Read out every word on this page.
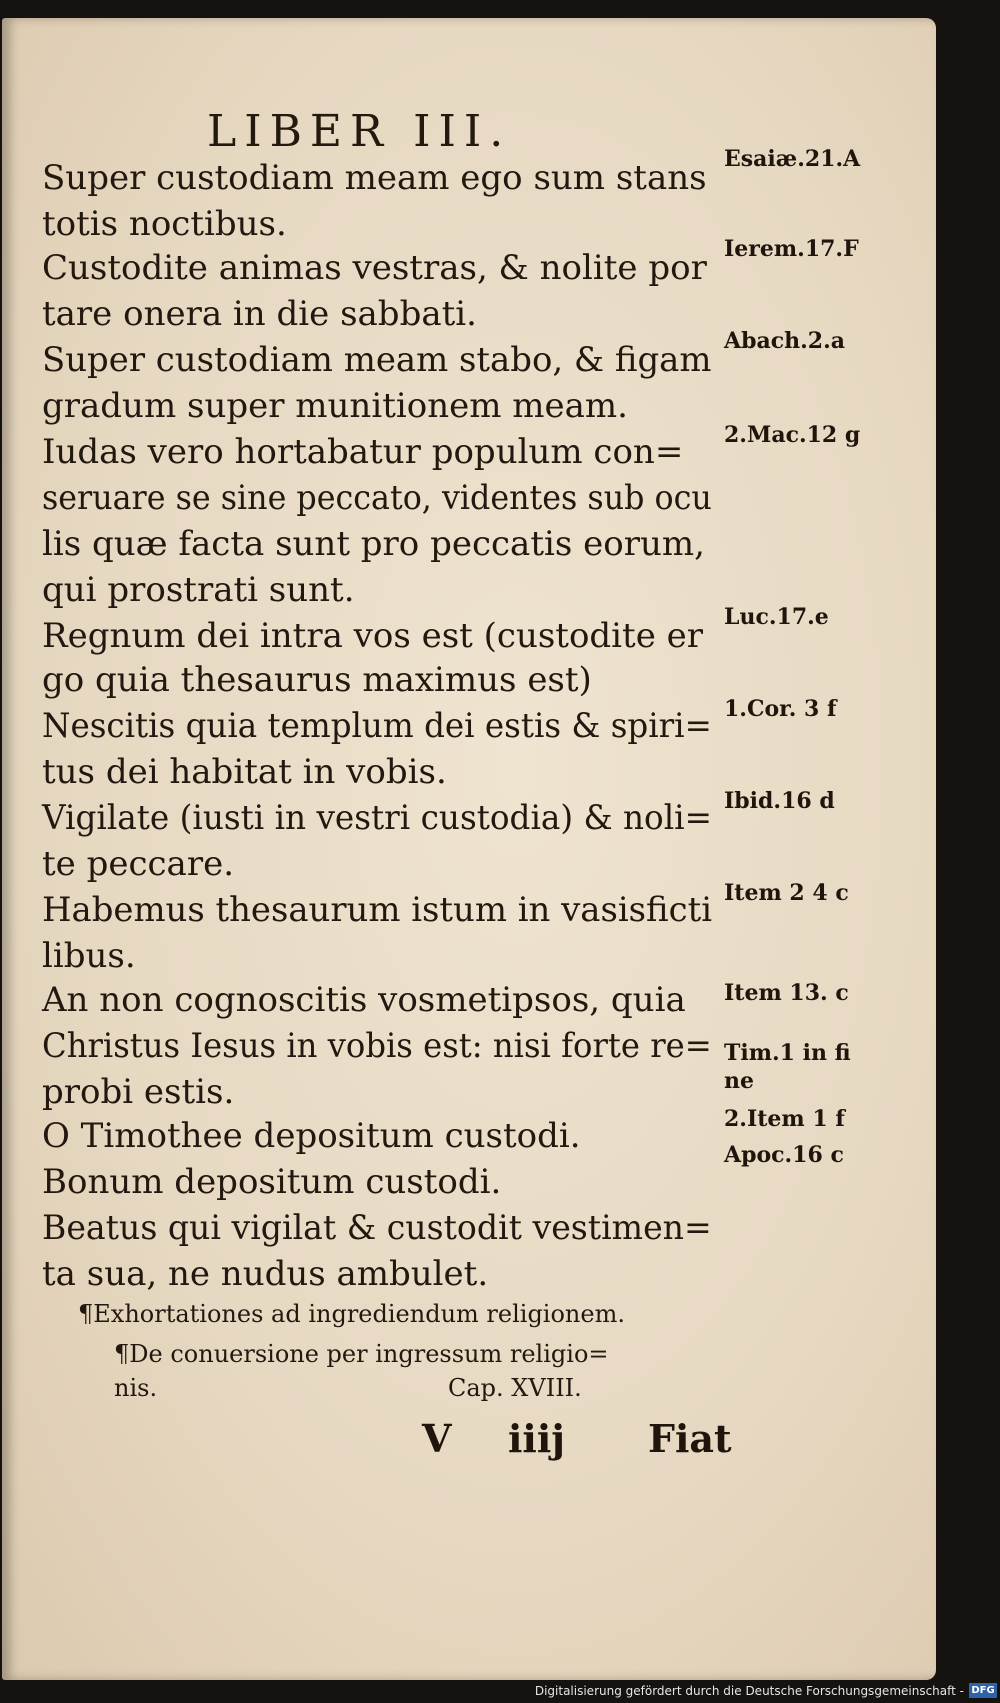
LIBER III.
Super custodiam meam ego sum stans
totis noctibus.
Custodite animas vestras, & nolite por
tare onera in die sabbati.
Super custodiam meam stabo, & figam
gradum super munitionem meam.
Iudas vero hortabatur populum con=
seruare se sine peccato, videntes sub ocu
lis quæ facta sunt pro peccatis eorum,
qui prostrati sunt.
Regnum dei intra vos est (custodite er
go quia thesaurus maximus est)
Nescitis quia templum dei estis & spiri=
tus dei habitat in vobis.
Vigilate (iusti in vestri custodia) & noli=
te peccare.
Habemus thesaurum istum in vasisficti
libus.
An non cognoscitis vosmetipsos, quia
Christus Iesus in vobis est: nisi forte re=
probi estis.
O Timothee depositum custodi.
Bonum depositum custodi.
Beatus qui vigilat & custodit vestimen=
ta sua, ne nudus ambulet.
Esaiæ.21.A
Ierem.17.F
Abach.2.a
2.Mac.12 g
Luc.17.e
1.Cor. 3 f
Ibid.16 d
Item 2 4 c
Item 13. c
Tim.1 in fi
ne
2.Item 1 f
Apoc.16 c
¶Exhortationes ad ingrediendum religionem.
¶De conuersione per ingressum religio=
nis.	Cap. XVIII.
V iiij Fiat
Digitalisierung gefördert durch die Deutsche Forschungsgemeinschaft - DFG
